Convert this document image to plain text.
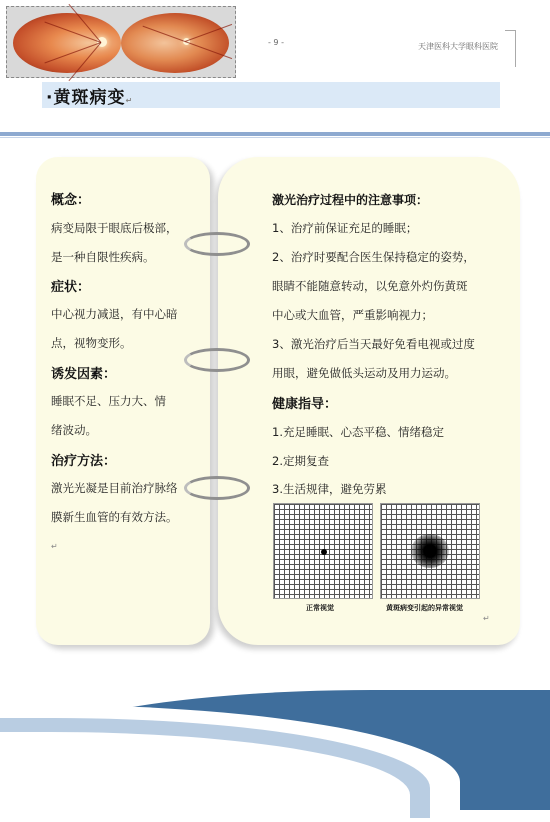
- 9 -	天津医科大学眼科医院
·黄斑病变↵
概念：
病变局限于眼底后极部，
是一种自限性疾病。
症状：
中心视力减退，有中心暗
点，视物变形。
诱发因素：
睡眠不足、压力大、情
绪波动。
治疗方法：
激光光凝是目前治疗脉络
膜新生血管的有效方法。
↵
激光治疗过程中的注意事项：
1、治疗前保证充足的睡眠；
2、治疗时要配合医生保持稳定的姿势，
眼睛不能随意转动，以免意外灼伤黄斑
中心或大血管，严重影响视力；
3、激光治疗后当天最好免看电视或过度
用眼，避免做低头运动及用力运动。
健康指导：
1.充足睡眠、心态平稳、情绪稳定
2.定期复查
3.生活规律，避免劳累
正常视觉	黄斑病变引起的异常视觉
↵
